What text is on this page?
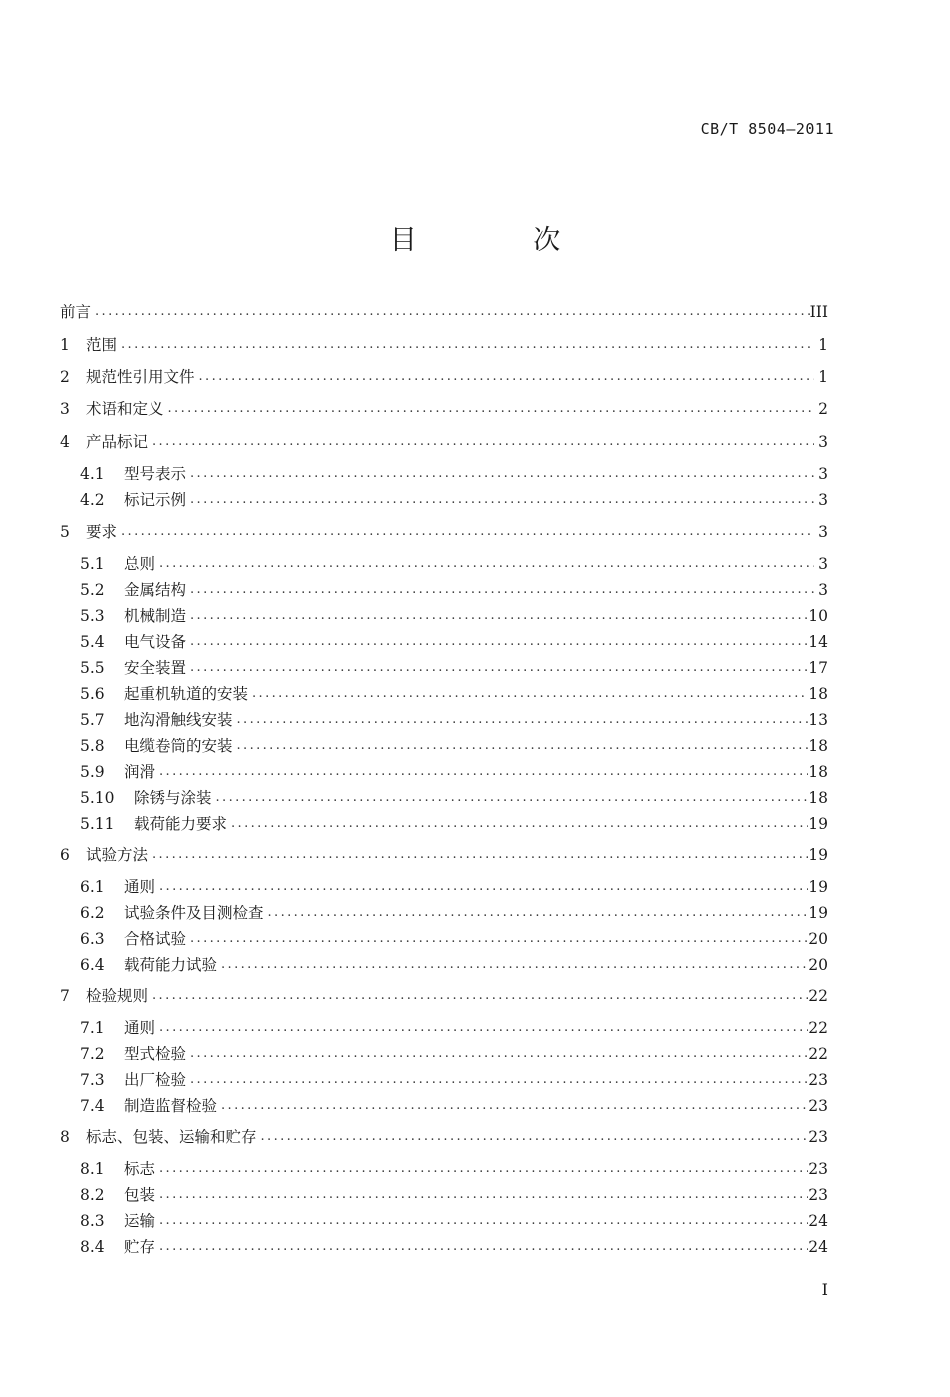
CB/T 8504—2011
目 次
前言 .....	III
1	范围 .....	1
2	规范性引用文件 .....	1
3	术语和定义 .....	2
4	产品标记 .....	3
4.1	型号表示 .....	3
4.2	标记示例 .....	3
5	要求 .....	3
5.1	总则 .....	3
5.2	金属结构 .....	3
5.3	机械制造 .....	10
5.4	电气设备 .....	14
5.5	安全装置 .....	17
5.6	起重机轨道的安装 .....	18
5.7	地沟滑触线安装 .....	13
5.8	电缆卷筒的安装 .....	18
5.9	润滑 .....	18
5.10	除锈与涂装 .....	18
5.11	载荷能力要求 .....	19
6	试验方法 .....	19
6.1	通则 .....	19
6.2	试验条件及目测检查 .....	19
6.3	合格试验 .....	20
6.4	载荷能力试验 .....	20
7	检验规则 .....	22
7.1	通则 .....	22
7.2	型式检验 .....	22
7.3	出厂检验 .....	23
7.4	制造监督检验 .....	23
8	标志、包装、运输和贮存 .....	23
8.1	标志 .....	23
8.2	包装 .....	23
8.3	运输 .....	24
8.4	贮存 .....	24
I
